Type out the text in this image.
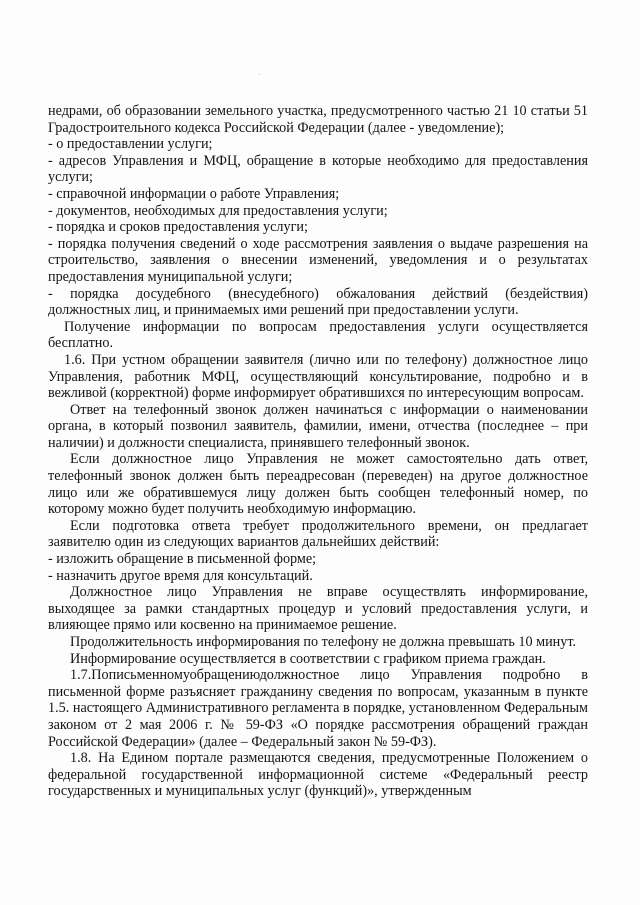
-

недрами, об образовании земельного участка, предусмотренного частью 21 10 статьи 51 Градостроительного кодекса Российской Федерации (далее - уведомление);

- о предоставлении услуги;

- адресов Управления и МФЦ, обращение в которые необходимо для предоставления услуги;

- справочной информации о работе Управления;

- документов, необходимых для предоставления услуги;

- порядка и сроков предоставления услуги;

- порядка получения сведений о ходе рассмотрения заявления о выдаче разрешения на строительство, заявления о внесении изменений, уведомления и о результатах предоставления муниципальной услуги;

- порядка досудебного (внесудебного) обжалования действий (бездействия) должностных лиц, и принимаемых ими решений при предоставлении услуги.

Получение информации по вопросам предоставления услуги осуществляется бесплатно.

1.6. При устном обращении заявителя (лично или по телефону) должностное лицо Управления, работник МФЦ, осуществляющий консультирование, подробно и в вежливой (корректной) форме информирует обратившихся по интересующим вопросам.

Ответ на телефонный звонок должен начинаться с информации о наименовании органа, в который позвонил заявитель, фамилии, имени, отчества (последнее – при наличии) и должности специалиста, принявшего телефонный звонок.

Если должностное лицо Управления не может самостоятельно дать ответ, телефонный звонок должен быть переадресован (переведен) на другое должностное лицо или же обратившемуся лицу должен быть сообщен телефонный номер, по которому можно будет получить необходимую информацию.

Если подготовка ответа требует продолжительного времени, он предлагает заявителю один из следующих вариантов дальнейших действий:

- изложить обращение в письменной форме;

- назначить другое время для консультаций.

Должностное лицо Управления не вправе осуществлять информирование, выходящее за рамки стандартных процедур и условий предоставления услуги, и влияющее прямо или косвенно на принимаемое решение.

Продолжительность информирования по телефону не должна превышать 10 минут.

Информирование осуществляется в соответствии с графиком приема граждан.

1.7.Пописьменномуобращениюдолжностное лицо Управления подробно в письменной форме разъясняет гражданину сведения по вопросам, указанным в пункте 1.5. настоящего Административного регламента в порядке, установленном Федеральным законом от 2 мая 2006 г. № 59-ФЗ «О порядке рассмотрения обращений граждан Российской Федерации» (далее – Федеральный закон № 59-ФЗ).

1.8. На Едином портале размещаются сведения, предусмотренные Положением о федеральной государственной информационной системе «Федеральный реестр государственных и муниципальных услуг (функций)», утвержденным
